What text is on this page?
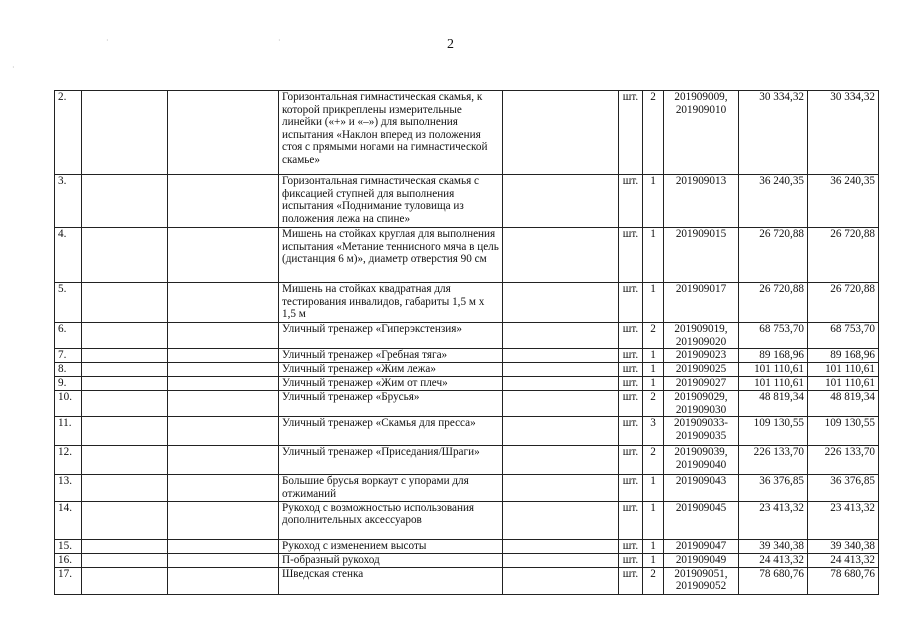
2
·	·
·
2.			Горизонтальная гимнастическая скамья, к которой прикреплены измерительные линейки («+» и «–») для выполнения испытания «Наклон вперед из положения стоя с прямыми ногами на гимнастической скамье»		шт.	2	201909009, 201909010	30 334,32	30 334,32
3.			Горизонтальная гимнастическая скамья с фиксацией ступней для выполнения испытания «Поднимание туловища из положения лежа на спине»		шт.	1	201909013	36 240,35	36 240,35
4.			Мишень на стойках круглая для выполнения испытания «Метание теннисного мяча в цель (дистанция 6 м)», диаметр отверстия 90 см		шт.	1	201909015	26 720,88	26 720,88
5.			Мишень на стойках квадратная для тестирования инвалидов, габариты 1,5 м х 1,5 м		шт.	1	201909017	26 720,88	26 720,88
6.			Уличный тренажер «Гиперэкстензия»		шт.	2	201909019, 201909020	68 753,70	68 753,70
7.			Уличный тренажер «Гребная тяга»		шт.	1	201909023	89 168,96	89 168,96
8.			Уличный тренажер «Жим лежа»		шт.	1	201909025	101 110,61	101 110,61
9.			Уличный тренажер «Жим от плеч»		шт.	1	201909027	101 110,61	101 110,61
10.			Уличный тренажер «Брусья»		шт.	2	201909029, 201909030	48 819,34	48 819,34
11.			Уличный тренажер «Скамья для пресса»		шт.	3	201909033- 201909035	109 130,55	109 130,55
12.			Уличный тренажер «Приседания/Шраги»		шт.	2	201909039, 201909040	226 133,70	226 133,70
13.			Большие брусья воркаут с упорами для отжиманий		шт.	1	201909043	36 376,85	36 376,85
14.			Рукоход с возможностью использования дополнительных аксессуаров		шт.	1	201909045	23 413,32	23 413,32
15.			Рукоход с изменением высоты		шт.	1	201909047	39 340,38	39 340,38
16.			П-образный рукоход		шт.	1	201909049	24 413,32	24 413,32
17.			Шведская стенка		шт.	2	201909051, 201909052	78 680,76	78 680,76
